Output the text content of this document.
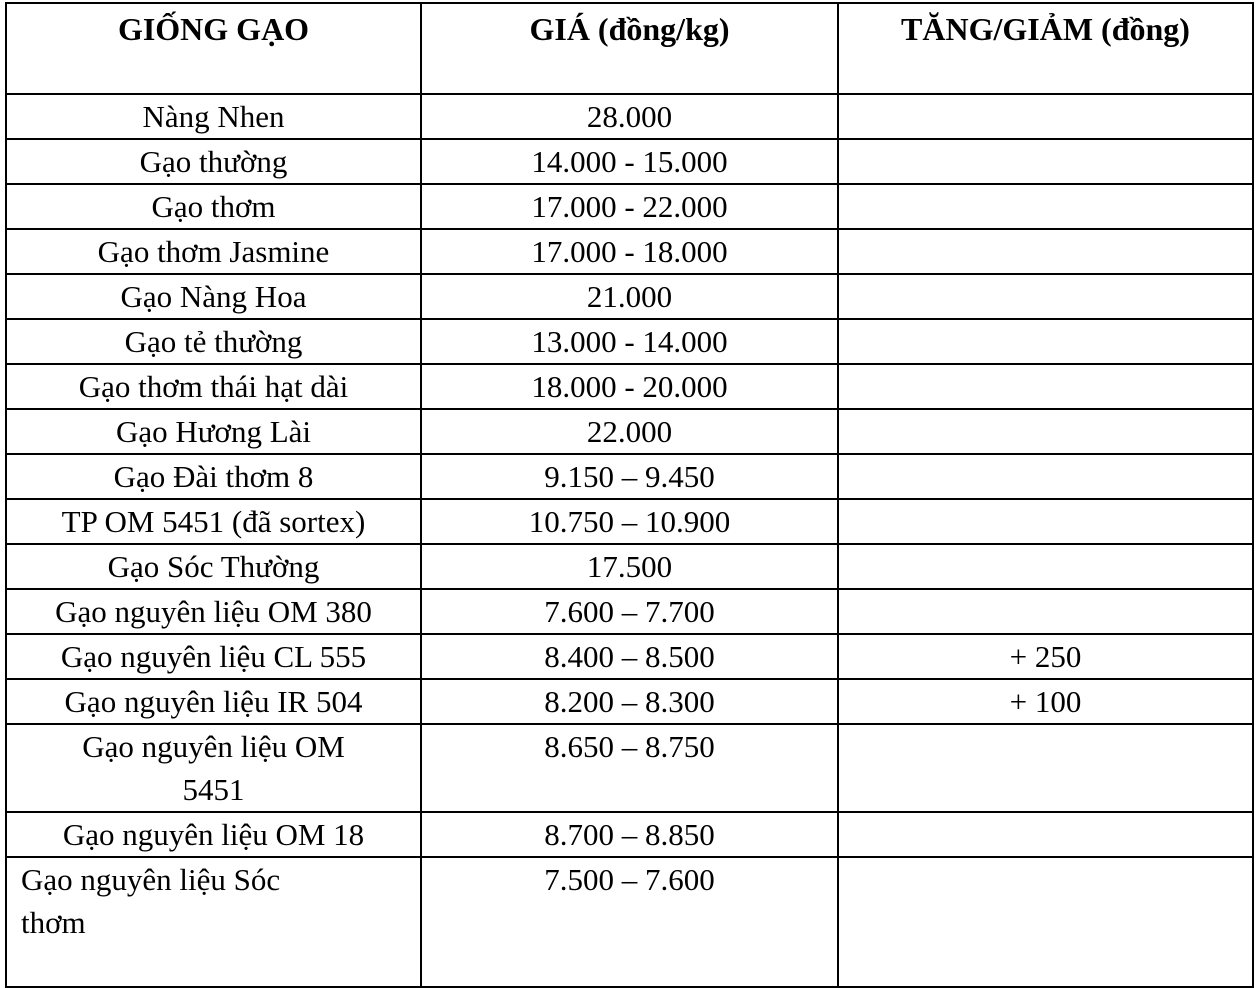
GIỐNG GẠO	GIÁ (đồng/kg)	TĂNG/GIẢM (đồng)
Nàng Nhen	28.000	
Gạo thường	14.000 - 15.000	
Gạo thơm	17.000 - 22.000	
Gạo thơm Jasmine	17.000 - 18.000	
Gạo Nàng Hoa	21.000	
Gạo tẻ thường	13.000 - 14.000	
Gạo thơm thái hạt dài	18.000 - 20.000	
Gạo Hương Lài	22.000	
Gạo Đài thơm 8	9.150 – 9.450	
TP OM 5451 (đã sortex)	10.750 – 10.900	
Gạo Sóc Thường	17.500	
Gạo nguyên liệu OM 380	7.600 – 7.700	
Gạo nguyên liệu CL 555	8.400 – 8.500	+ 250
Gạo nguyên liệu IR 504	8.200 – 8.300	+ 100
Gạo nguyên liệu OM 5451	8.650 – 8.750	
Gạo nguyên liệu OM 18	8.700 – 8.850	
Gạo nguyên liệu Sóc thơm	7.500 – 7.600	
